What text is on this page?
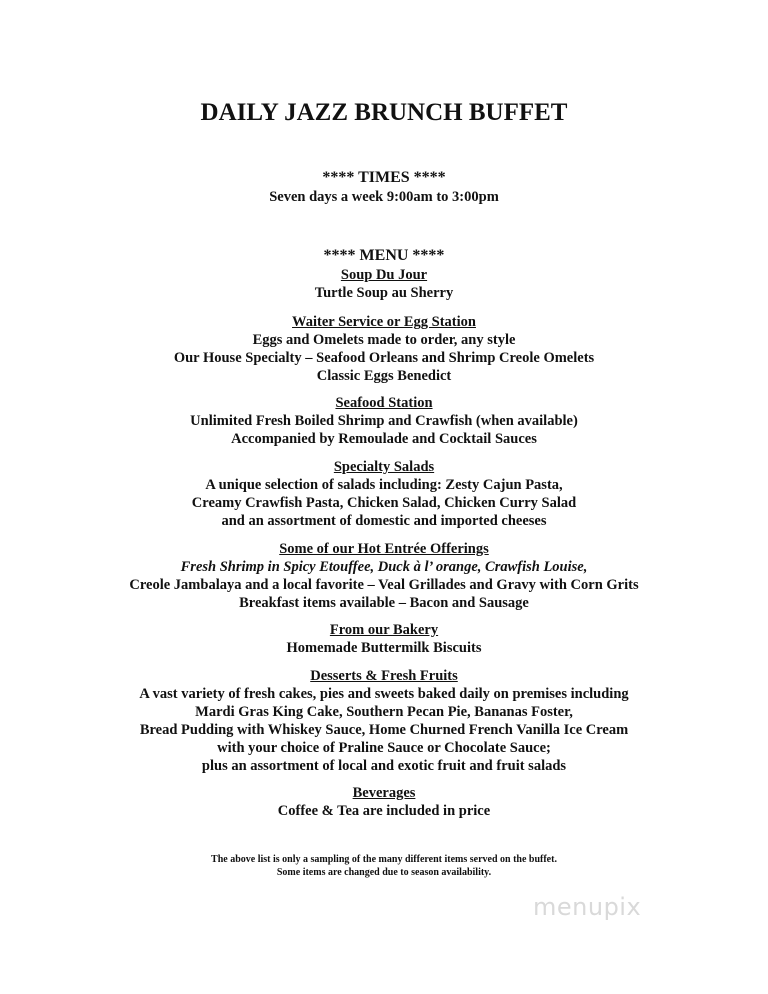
DAILY JAZZ BRUNCH BUFFET
**** TIMES ****
Seven days a week 9:00am to 3:00pm
**** MENU ****
Soup Du Jour
Turtle Soup au Sherry
Waiter Service or Egg Station
Eggs and Omelets made to order, any style
Our House Specialty – Seafood Orleans and Shrimp Creole Omelets
Classic Eggs Benedict
Seafood Station
Unlimited Fresh Boiled Shrimp and Crawfish (when available)
Accompanied by Remoulade and Cocktail Sauces
Specialty Salads
A unique selection of salads including: Zesty Cajun Pasta,
Creamy Crawfish Pasta, Chicken Salad, Chicken Curry Salad
and an assortment of domestic and imported cheeses
Some of our Hot Entrée Offerings
Fresh Shrimp in Spicy Etouffee, Duck à l’ orange, Crawfish Louise,
Creole Jambalaya and a local favorite – Veal Grillades and Gravy with Corn Grits
Breakfast items available – Bacon and Sausage
From our Bakery
Homemade Buttermilk Biscuits
Desserts & Fresh Fruits
A vast variety of fresh cakes, pies and sweets baked daily on premises including
Mardi Gras King Cake, Southern Pecan Pie, Bananas Foster,
Bread Pudding with Whiskey Sauce, Home Churned French Vanilla Ice Cream
with your choice of Praline Sauce or Chocolate Sauce;
plus an assortment of local and exotic fruit and fruit salads
Beverages
Coffee & Tea are included in price
The above list is only a sampling of the many different items served on the buffet.
Some items are changed due to season availability.
menupix
